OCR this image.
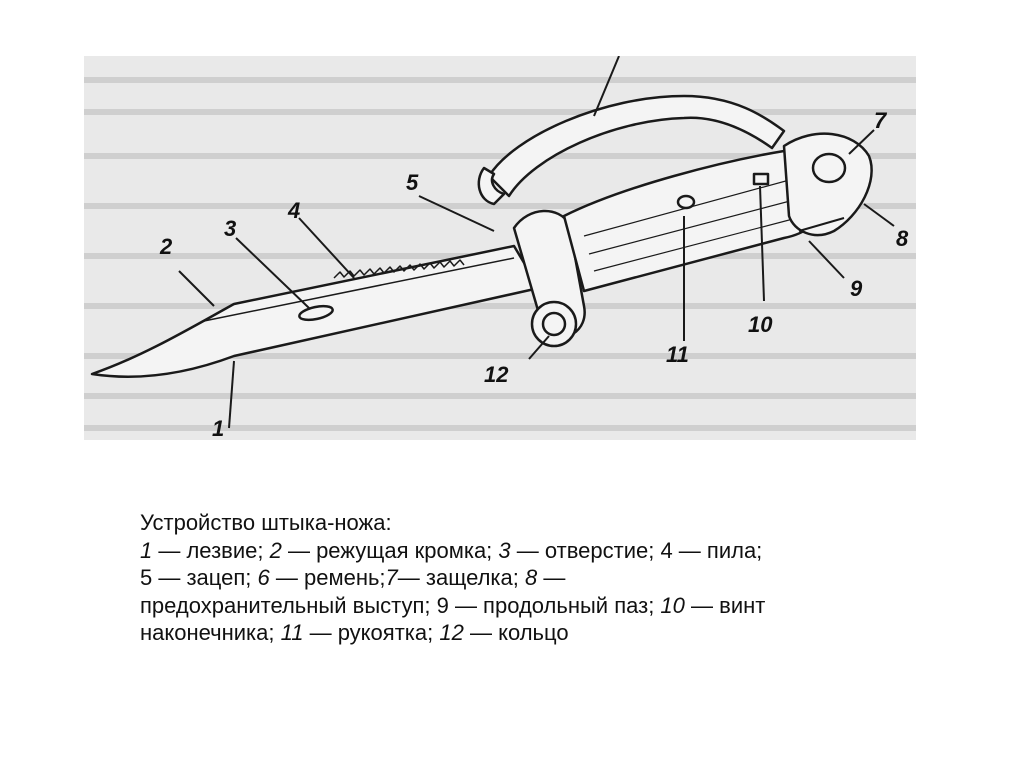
1
2
3
4
5
7
8
9
10
11
12
Устройство штыка-ножа:
1 — лезвие; 2 — режущая кромка; 3 — отверстие; 4 — пила;
5 — зацеп; 6 — ремень;7— защелка; 8 —
предохранительный выступ; 9 — продольный паз; 10 — винт
наконечника; 11 — рукоятка; 12 — кольцо
